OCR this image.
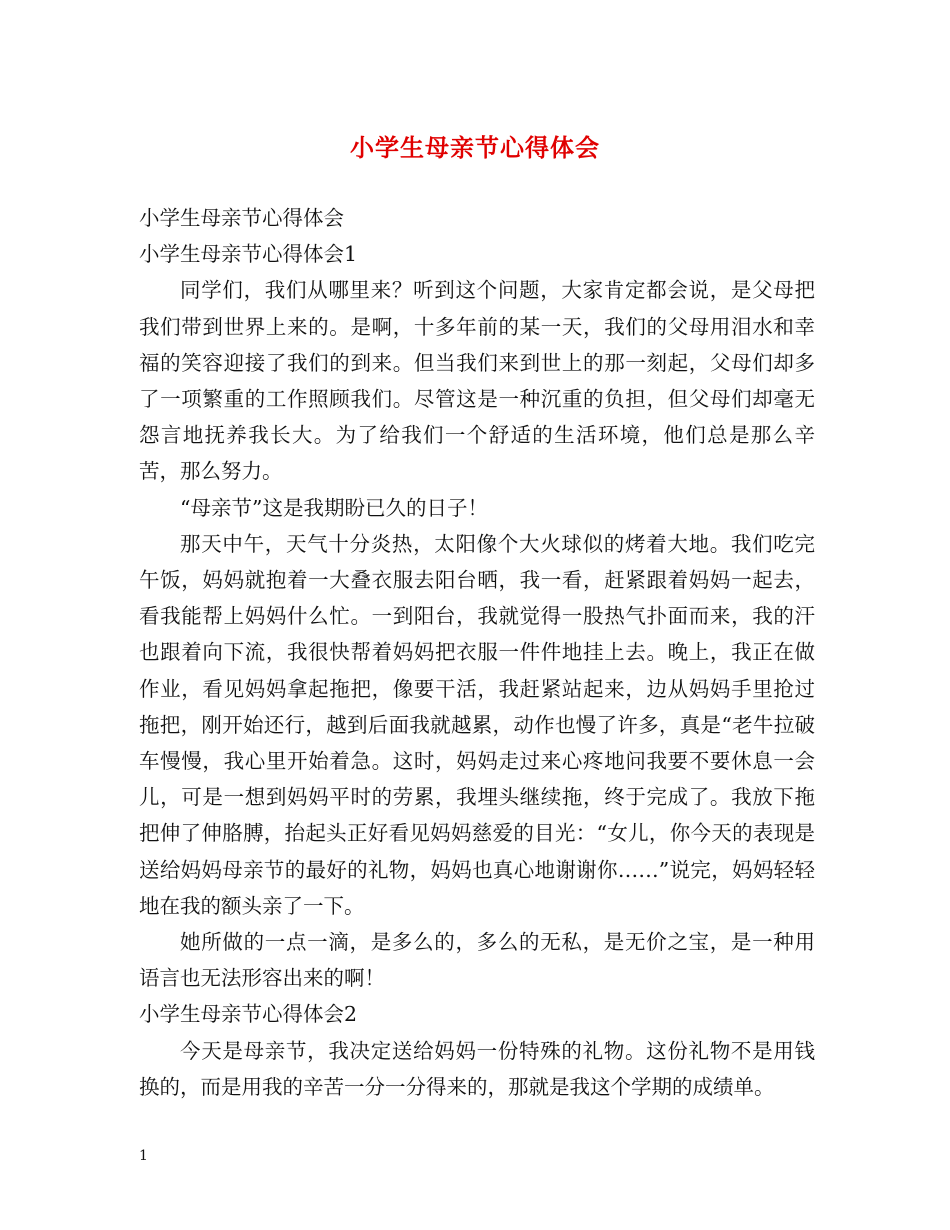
小学生母亲节心得体会

小学生母亲节心得体会

小学生母亲节心得体会1

同学们，我们从哪里来？听到这个问题，大家肯定都会说，是父母把我们带到世界上来的。是啊，十多年前的某一天，我们的父母用泪水和幸福的笑容迎接了我们的到来。但当我们来到世上的那一刻起，父母们却多了一项繁重的工作照顾我们。尽管这是一种沉重的负担，但父母们却毫无怨言地抚养我长大。为了给我们一个舒适的生活环境，他们总是那么辛苦，那么努力。

“母亲节”这是我期盼已久的日子！

那天中午，天气十分炎热，太阳像个大火球似的烤着大地。我们吃完午饭，妈妈就抱着一大叠衣服去阳台晒，我一看，赶紧跟着妈妈一起去，看我能帮上妈妈什么忙。一到阳台，我就觉得一股热气扑面而来，我的汗也跟着向下流，我很快帮着妈妈把衣服一件件地挂上去。晚上，我正在做作业，看见妈妈拿起拖把，像要干活，我赶紧站起来，边从妈妈手里抢过拖把，刚开始还行，越到后面我就越累，动作也慢了许多，真是“老牛拉破车慢慢，我心里开始着急。这时，妈妈走过来心疼地问我要不要休息一会儿，可是一想到妈妈平时的劳累，我埋头继续拖，终于完成了。我放下拖把伸了伸胳膊，抬起头正好看见妈妈慈爱的目光：“女儿，你今天的表现是送给妈妈母亲节的最好的礼物，妈妈也真心地谢谢你……”说完，妈妈轻轻地在我的额头亲了一下。

她所做的一点一滴，是多么的，多么的无私，是无价之宝，是一种用语言也无法形容出来的啊！

小学生母亲节心得体会2

今天是母亲节，我决定送给妈妈一份特殊的礼物。这份礼物不是用钱换的，而是用我的辛苦一分一分得来的，那就是我这个学期的成绩单。

1
